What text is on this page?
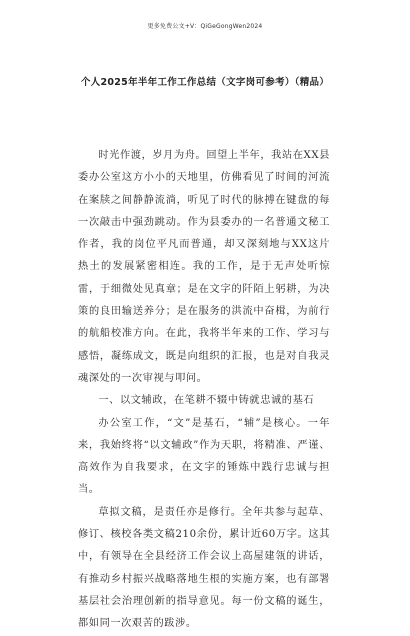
更多免费公文+V：QiGeGongWen2024
个人2025年半年工作工作总结（文字岗可参考）（精品）

时光作渡，岁月为舟。回望上半年，我站在XX县委办公室这方小小的天地里，仿佛看见了时间的河流在案牍之间静静流淌，听见了时代的脉搏在键盘的每一次敲击中强劲跳动。作为县委办的一名普通文秘工作者，我的岗位平凡而普通，却又深刻地与XX这片热土的发展紧密相连。我的工作，是于无声处听惊雷，于细微处见真章；是在文字的阡陌上躬耕，为决策的良田输送养分；是在服务的洪流中奋楫，为前行的航船校准方向。在此，我将半年来的工作、学习与感悟，凝练成文，既是向组织的汇报，也是对自我灵魂深处的一次审视与叩问。

一、以文辅政，在笔耕不辍中铸就忠诚的基石

办公室工作，“文”是基石，“辅”是核心。一年来，我始终将“以文辅政”作为天职，将精准、严谨、高效作为自我要求，在文字的锤炼中践行忠诚与担当。

草拟文稿，是责任亦是修行。全年共参与起草、修订、核校各类文稿210余份，累计近60万字。这其中，有领导在全县经济工作会议上高屋建瓴的讲话，有推动乡村振兴战略落地生根的实施方案，也有部署基层社会治理创新的指导意见。每一份文稿的诞生，都如同一次艰苦的跋涉。
